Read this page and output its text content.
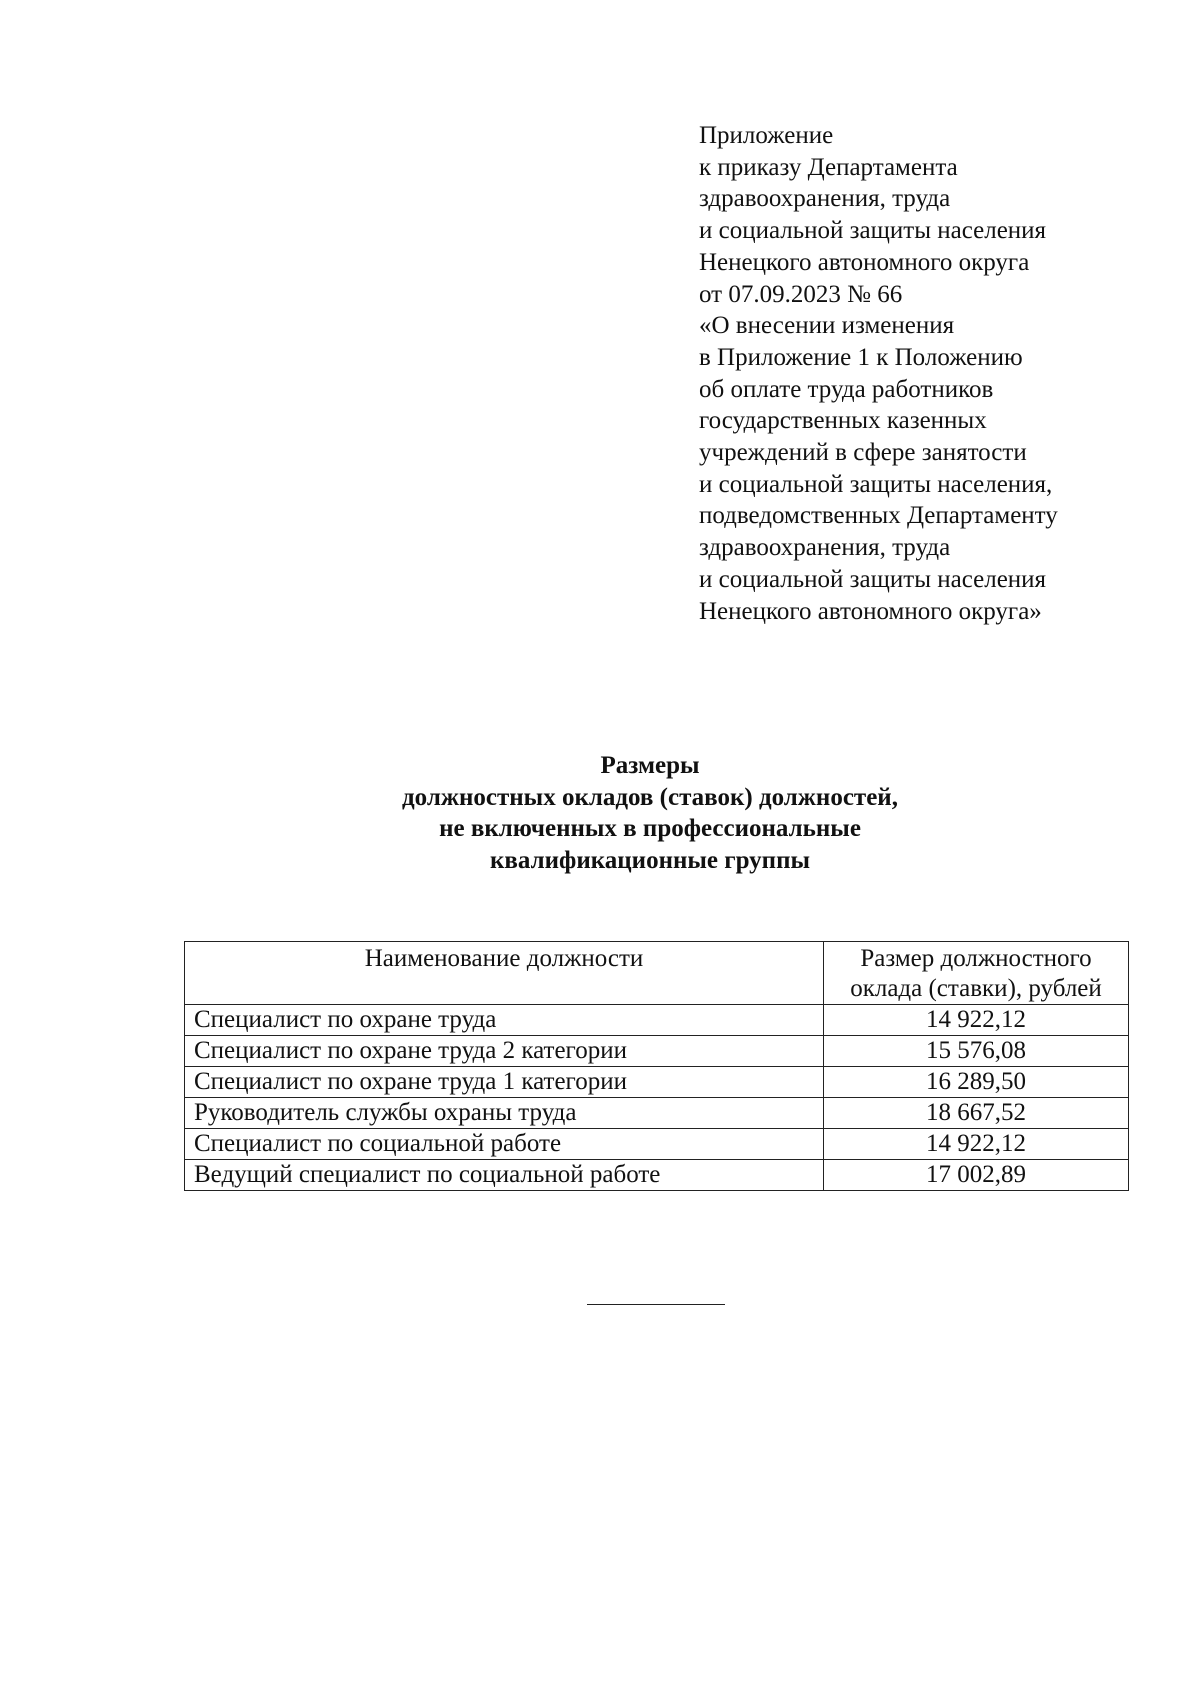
Приложение
к приказу Департамента
здравоохранения, труда
и социальной защиты населения
Ненецкого автономного округа
от 07.09.2023 № 66
«О внесении изменения
в Приложение 1 к Положению
об оплате труда работников
государственных казенных
учреждений в сфере занятости
и социальной защиты населения,
подведомственных Департаменту
здравоохранения, труда
и социальной защиты населения
Ненецкого автономного округа»
Размеры
должностных окладов (ставок) должностей,
не включенных в профессиональные
квалификационные группы
Наименование должности	Размер должностного
оклада (ставки), рублей
Специалист по охране труда	14 922,12
Специалист по охране труда 2 категории	15 576,08
Специалист по охране труда 1 категории	16 289,50
Руководитель службы охраны труда	18 667,52
Специалист по социальной работе	14 922,12
Ведущий специалист по социальной работе	17 002,89
